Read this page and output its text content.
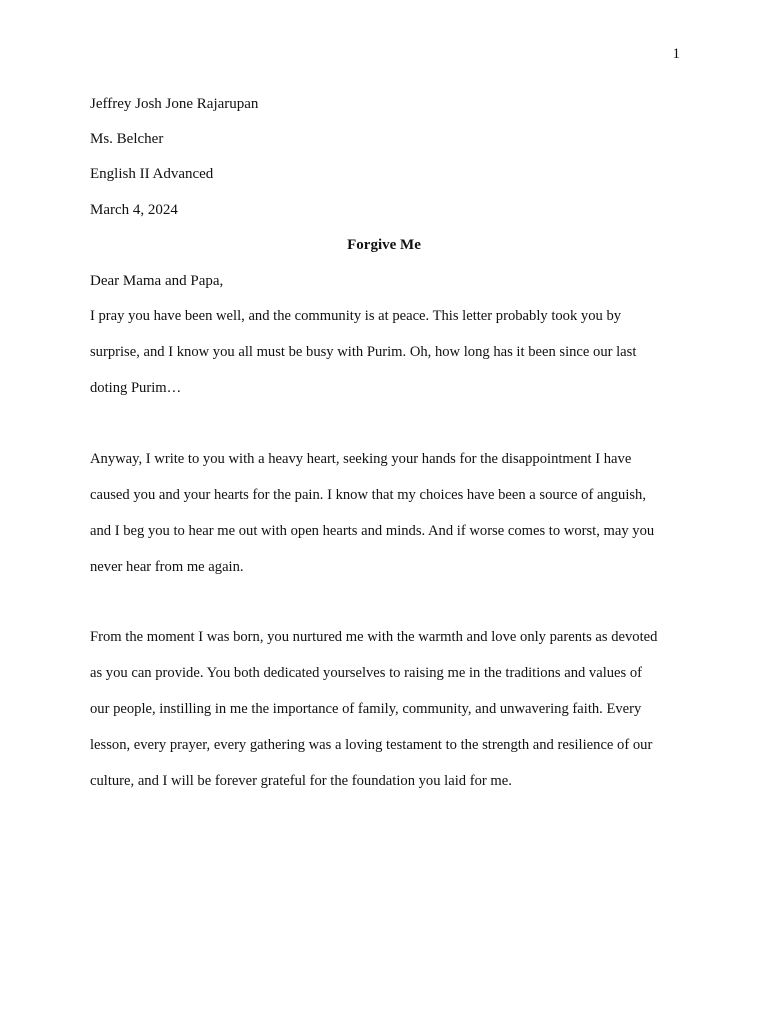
1
Jeffrey Josh Jone Rajarupan
Ms. Belcher
English II Advanced
March 4, 2024
Forgive Me
Dear Mama and Papa,
I pray you have been well, and the community is at peace. This letter probably took you by
surprise, and I know you all must be busy with Purim. Oh, how long has it been since our last
doting Purim…
Anyway, I write to you with a heavy heart, seeking your hands for the disappointment I have
caused you and your hearts for the pain. I know that my choices have been a source of anguish,
and I beg you to hear me out with open hearts and minds. And if worse comes to worst, may you
never hear from me again.
From the moment I was born, you nurtured me with the warmth and love only parents as devoted
as you can provide. You both dedicated yourselves to raising me in the traditions and values of
our people, instilling in me the importance of family, community, and unwavering faith. Every
lesson, every prayer, every gathering was a loving testament to the strength and resilience of our
culture, and I will be forever grateful for the foundation you laid for me.
